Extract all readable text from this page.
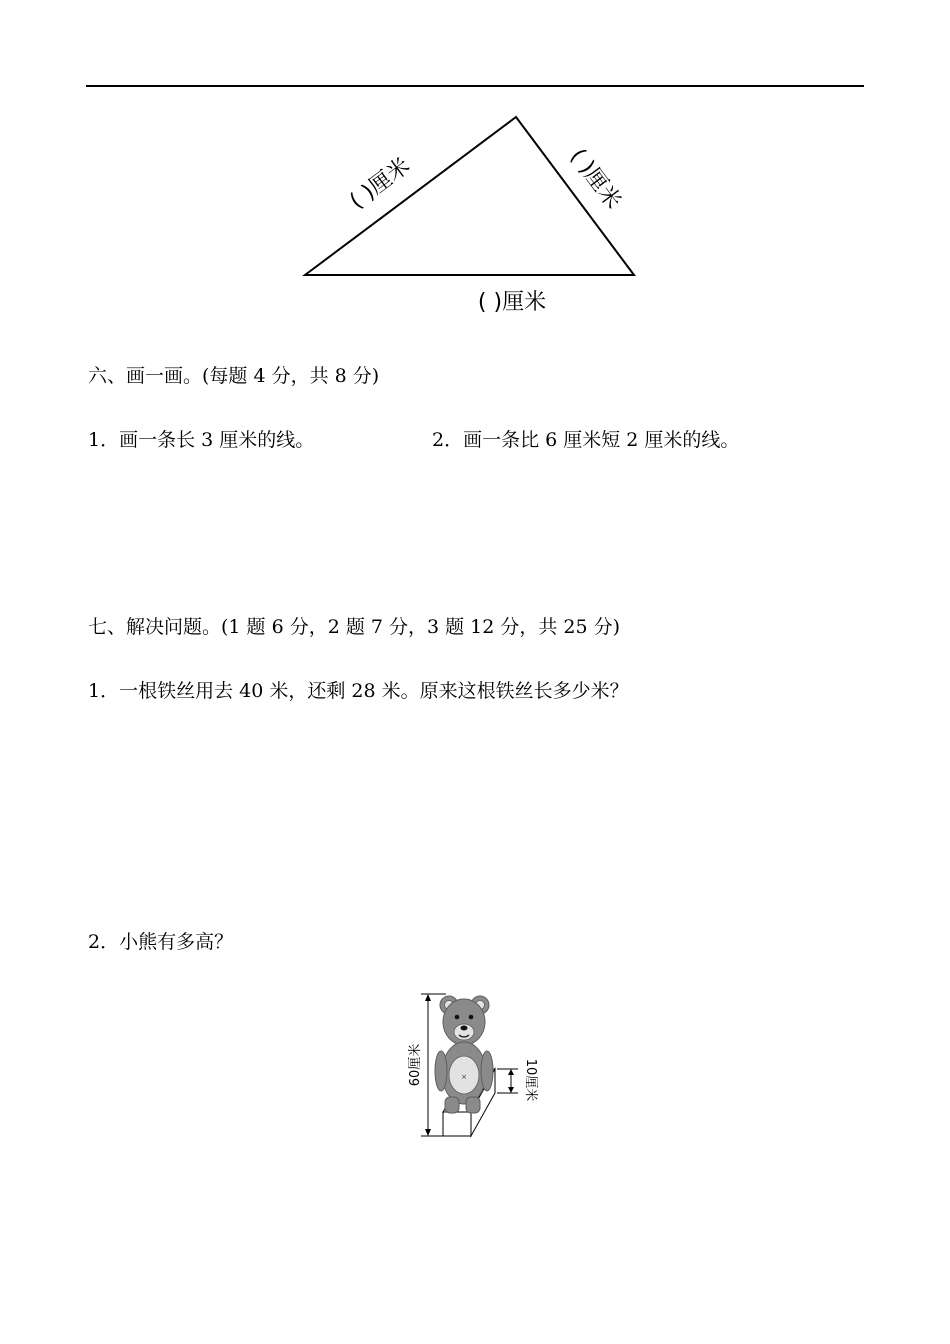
( )厘米	( )厘米
( )厘米
六、画一画。(每题 4 分，共 8 分)
1．画一条长 3 厘米的线。	2．画一条比 6 厘米短 2 厘米的线。
七、解决问题。(1 题 6 分，2 题 7 分，3 题 12 分，共 25 分)
1．一根铁丝用去 40 米，还剩 28 米。原来这根铁丝长多少米？
2．小熊有多高？
60厘米	10厘米
×
